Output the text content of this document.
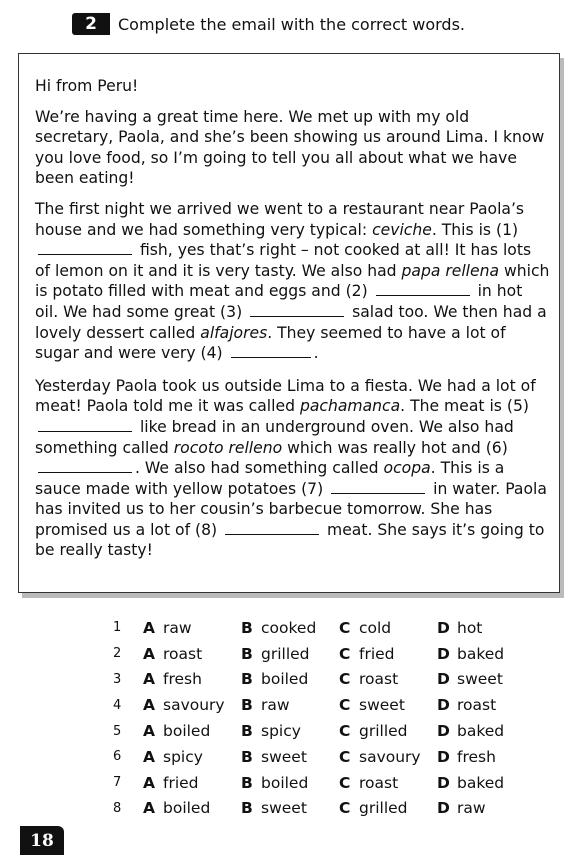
2	Complete the email with the correct words.

Hi from Peru!

We’re having a great time here. We met up with my old secretary, Paola, and she’s been showing us around Lima. I know you love food, so I’m going to tell you all about what we have been eating!

The first night we arrived we went to a restaurant near Paola’s house and we had something very typical: ceviche. This is (1)  fish, yes that’s right – not cooked at all! It has lots of lemon on it and it is very tasty. We also had papa rellena which is potato filled with meat and eggs and (2)	in hot oil. We had some great (3)	salad too. We then had a lovely dessert called alfajores. They seemed to have a lot of sugar and were very (4)	.

Yesterday Paola took us outside Lima to a fiesta. We had a lot of meat! Paola told me it was called pachamanca. The meat is (5)  like bread in an underground oven. We also had something called rocoto relleno which was really hot and (6) . We also had something called ocopa. This is a sauce made with yellow potatoes (7)	in water. Paola has invited us to her cousin’s barbecue tomorrow. She has promised us a lot of (8)	meat. She says it’s going to be really tasty!

1	A raw	B cooked C cold	D hot
2	A roast	B grilled C fried	D baked
3	A fresh	B boiled C roast	D sweet
4	A savoury B raw	C sweet D roast
5	A boiled B spicy C grilled D baked
6	A spicy B sweet C savoury D fresh
7	A fried	B boiled C roast	D baked
8	A boiled B sweet C grilled D raw
18
